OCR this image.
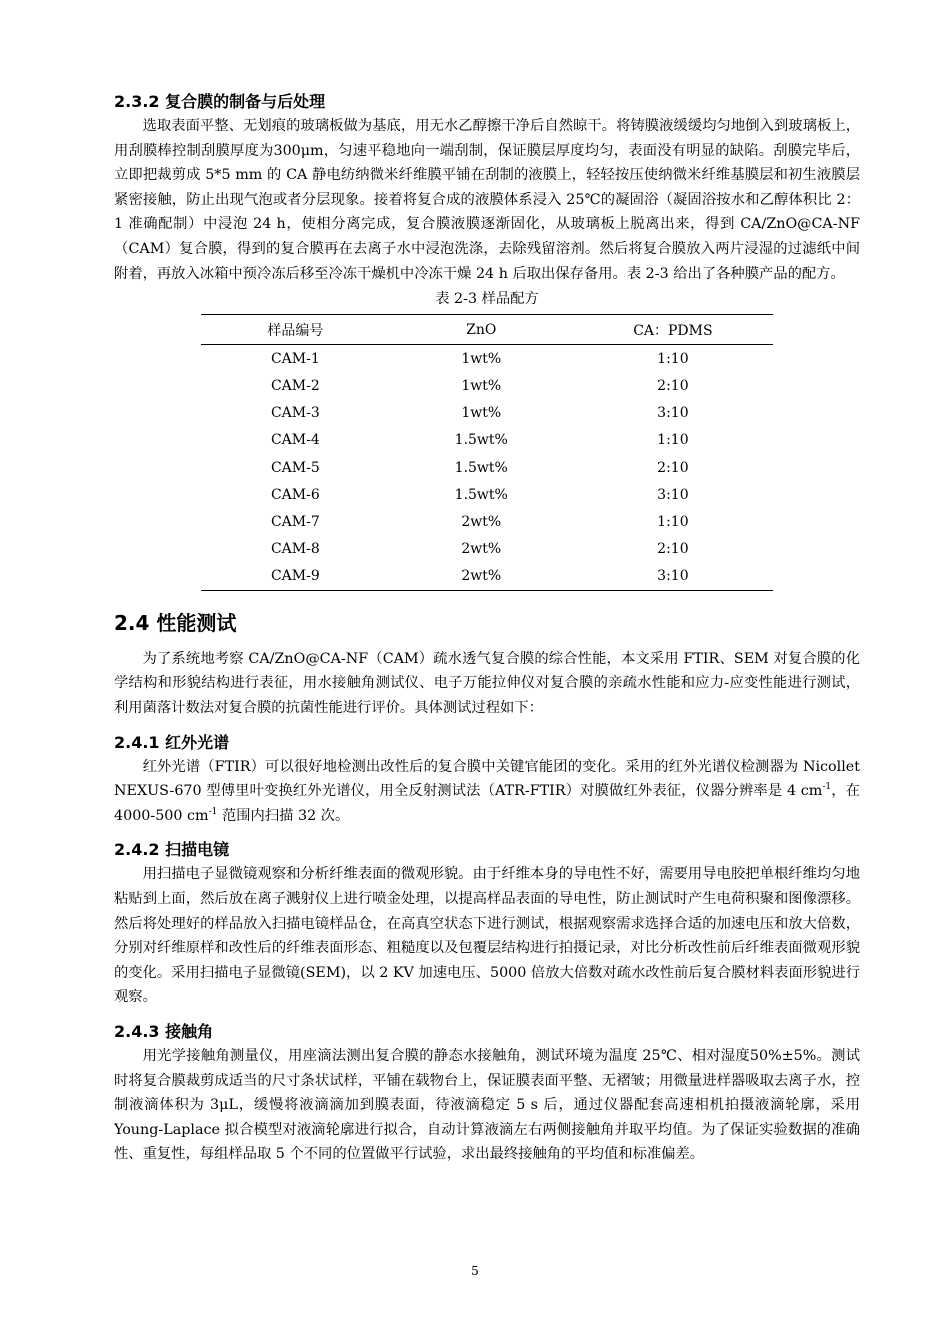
2.3.2 复合膜的制备与后处理

选取表面平整、无划痕的玻璃板做为基底，用无水乙醇擦干净后自然晾干。将铸膜液缓缓均匀地倒入到玻璃板上，用刮膜棒控制刮膜厚度为300μm，匀速平稳地向一端刮制，保证膜层厚度均匀，表面没有明显的缺陷。刮膜完毕后，立即把裁剪成 5*5 mm 的 CA 静电纺纳微米纤维膜平铺在刮制的液膜上，轻轻按压使纳微米纤维基膜层和初生液膜层紧密接触，防止出现气泡或者分层现象。接着将复合成的液膜体系浸入 25℃的凝固浴（凝固浴按水和乙醇体积比 2：1 准确配制）中浸泡 24 h，使相分离完成，复合膜液膜逐渐固化，从玻璃板上脱离出来，得到 CA/ZnO@CA-NF（CAM）复合膜，得到的复合膜再在去离子水中浸泡洗涤，去除残留溶剂。然后将复合膜放入两片浸湿的过滤纸中间附着，再放入冰箱中预冷冻后移至冷冻干燥机中冷冻干燥 24 h 后取出保存备用。表 2-3 给出了各种膜产品的配方。

表 2-3 样品配方
样品编号	ZnO	CA：PDMS
CAM-1	1wt%	1:10
CAM-2	1wt%	2:10
CAM-3	1wt%	3:10
CAM-4	1.5wt%	1:10
CAM-5	1.5wt%	2:10
CAM-6	1.5wt%	3:10
CAM-7	2wt%	1:10
CAM-8	2wt%	2:10
CAM-9	2wt%	3:10
2.4 性能测试

为了系统地考察 CA/ZnO@CA-NF（CAM）疏水透气复合膜的综合性能，本文采用 FTIR、SEM 对复合膜的化学结构和形貌结构进行表征，用水接触角测试仪、电子万能拉伸仪对复合膜的亲疏水性能和应力-应变性能进行测试，利用菌落计数法对复合膜的抗菌性能进行评价。具体测试过程如下：

2.4.1 红外光谱

红外光谱（FTIR）可以很好地检测出改性后的复合膜中关键官能团的变化。采用的红外光谱仪检测器为 Nicollet NEXUS-670 型傅里叶变换红外光谱仪，用全反射测试法（ATR-FTIR）对膜做红外表征，仪器分辨率是 4 $cm^{-1}$，在 4000-500 $cm^{-1}$ 范围内扫描 32 次。

2.4.2 扫描电镜

用扫描电子显微镜观察和分析纤维表面的微观形貌。由于纤维本身的导电性不好，需要用导电胶把单根纤维均匀地粘贴到上面，然后放在离子溅射仪上进行喷金处理，以提高样品表面的导电性，防止测试时产生电荷积聚和图像漂移。然后将处理好的样品放入扫描电镜样品仓，在高真空状态下进行测试，根据观察需求选择合适的加速电压和放大倍数，分别对纤维原样和改性后的纤维表面形态、粗糙度以及包覆层结构进行拍摄记录，对比分析改性前后纤维表面微观形貌的变化。采用扫描电子显微镜(SEM)，以 2 KV 加速电压、5000 倍放大倍数对疏水改性前后复合膜材料表面形貌进行观察。

2.4.3 接触角

用光学接触角测量仪，用座滴法测出复合膜的静态水接触角，测试环境为温度 25℃、相对湿度50%±5%。测试时将复合膜裁剪成适当的尺寸条状试样，平铺在载物台上，保证膜表面平整、无褶皱；用微量进样器吸取去离子水，控制液滴体积为 3μL，缓慢将液滴滴加到膜表面，待液滴稳定 5 s 后，通过仪器配套高速相机拍摄液滴轮廓，采用 Young-Laplace 拟合模型对液滴轮廓进行拟合，自动计算液滴左右两侧接触角并取平均值。为了保证实验数据的准确性、重复性，每组样品取 5 个不同的位置做平行试验，求出最终接触角的平均值和标准偏差。

5
